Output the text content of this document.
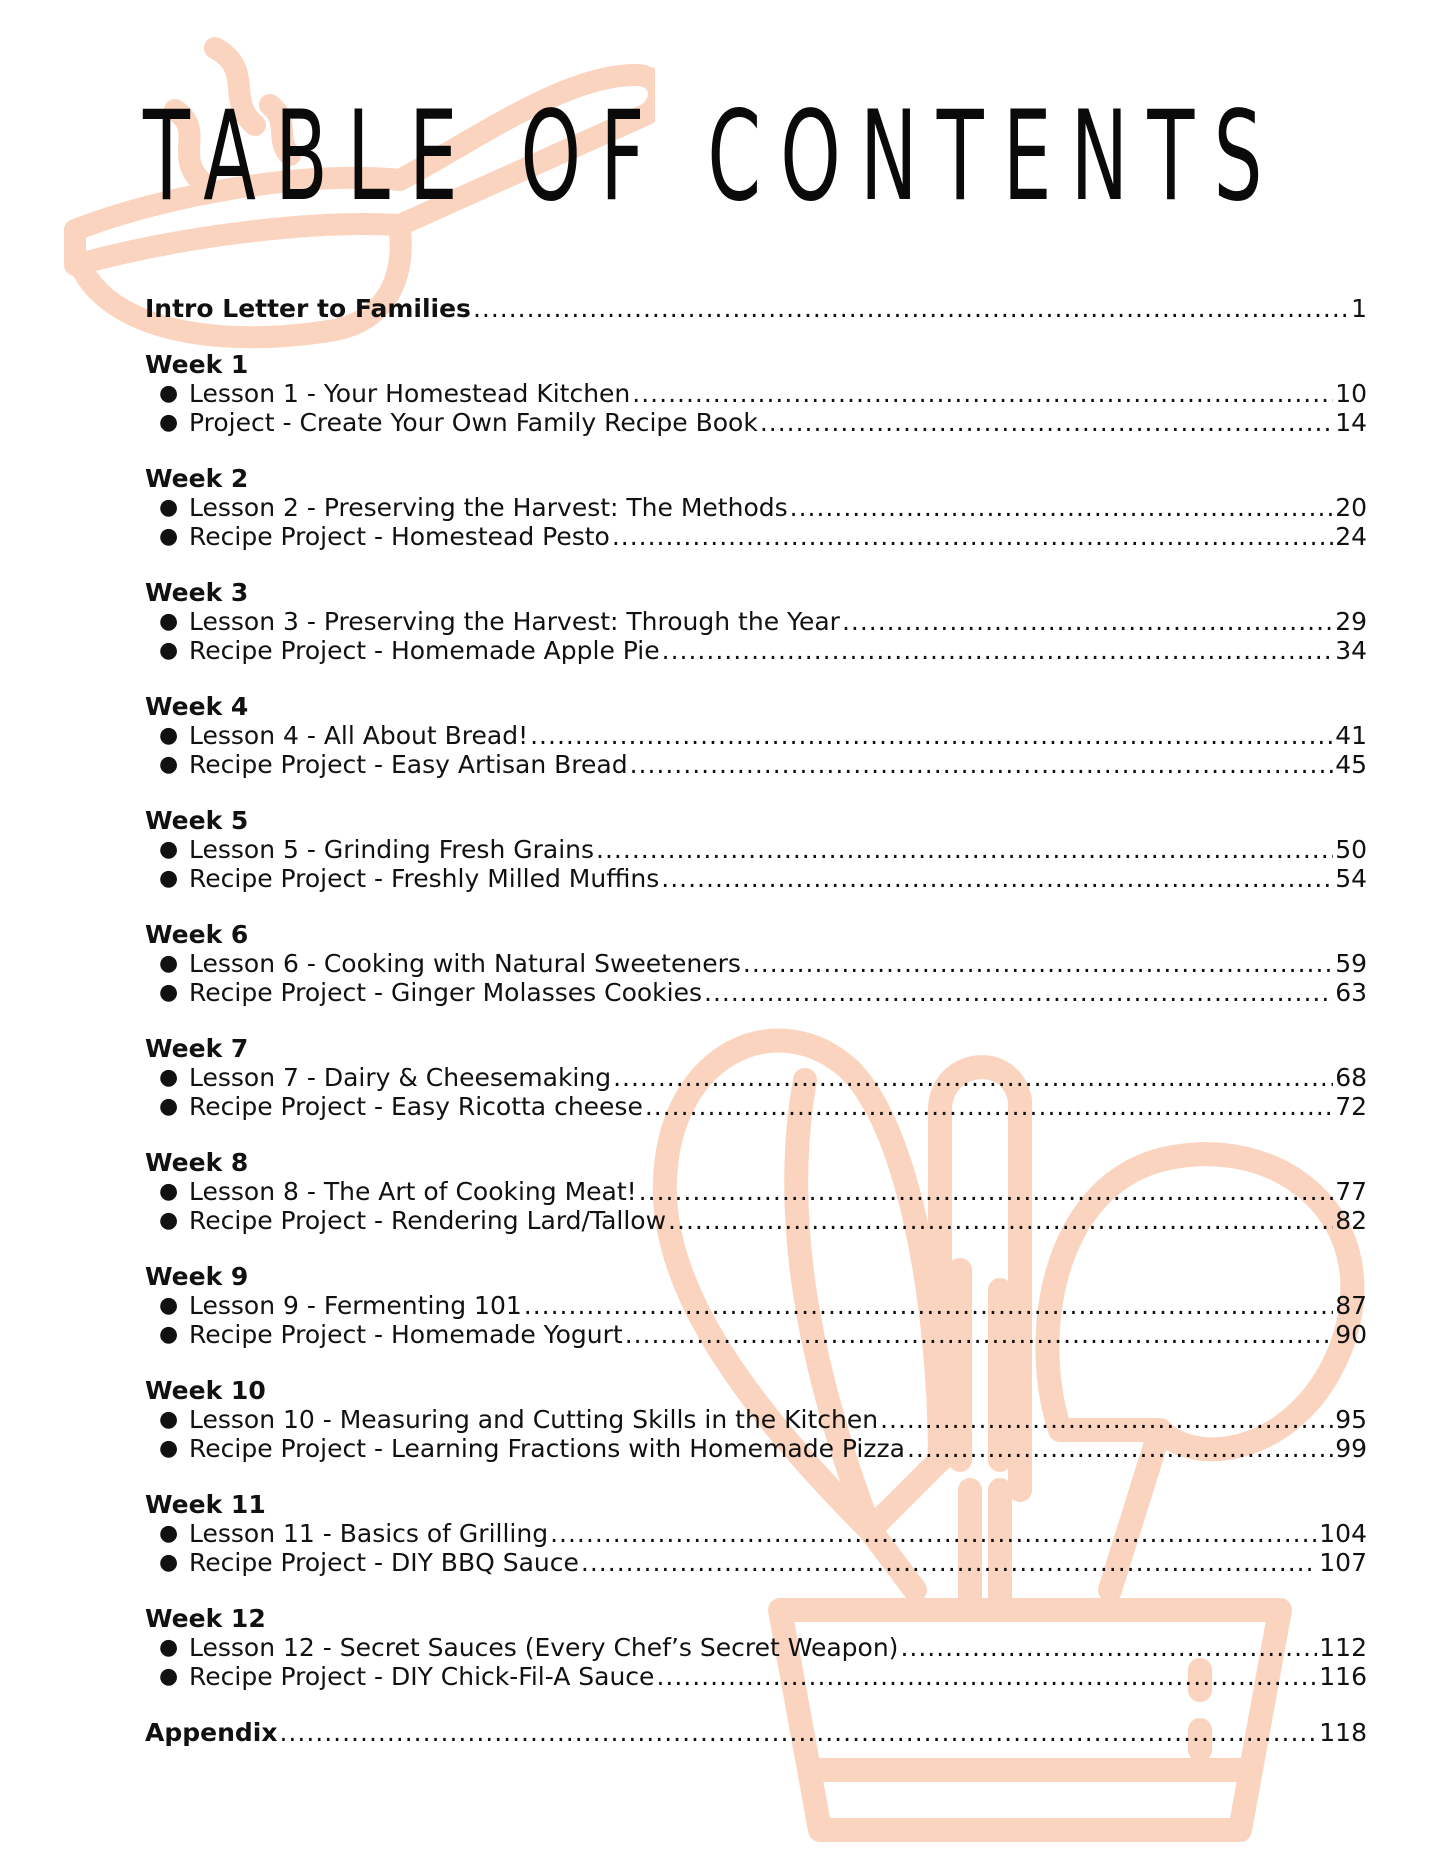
TABLE OF CONTENTS
Intro Letter to Families .....	1
Week 1
● Lesson 1 - Your Homestead Kitchen .....	10
● Project - Create Your Own Family Recipe Book .....	14
Week 2
● Lesson 2 - Preserving the Harvest: The Methods .....	20
● Recipe Project - Homestead Pesto .....	24
Week 3
● Lesson 3 - Preserving the Harvest: Through the Year .....	29
● Recipe Project - Homemade Apple Pie .....	34
Week 4
● Lesson 4 - All About Bread! .....	41
● Recipe Project - Easy Artisan Bread .....	45
Week 5
● Lesson 5 - Grinding Fresh Grains .....	50
● Recipe Project - Freshly Milled Muffins .....	54
Week 6
● Lesson 6 - Cooking with Natural Sweeteners .....	59
● Recipe Project - Ginger Molasses Cookies .....	63
Week 7
● Lesson 7 - Dairy & Cheesemaking .....	68
● Recipe Project - Easy Ricotta cheese .....	72
Week 8
● Lesson 8 - The Art of Cooking Meat! .....	77
● Recipe Project - Rendering Lard/Tallow .....	82
Week 9
● Lesson 9 - Fermenting 101 .....	87
● Recipe Project - Homemade Yogurt .....	90
Week 10
● Lesson 10 - Measuring and Cutting Skills in the Kitchen .....	95
● Recipe Project - Learning Fractions with Homemade Pizza .....	99
Week 11
● Lesson 11 - Basics of Grilling .....	104
● Recipe Project - DIY BBQ Sauce .....	107
Week 12
● Lesson 12 - Secret Sauces (Every Chef’s Secret Weapon) .....	112
● Recipe Project - DIY Chick-Fil-A Sauce .....	116
Appendix .....	118
